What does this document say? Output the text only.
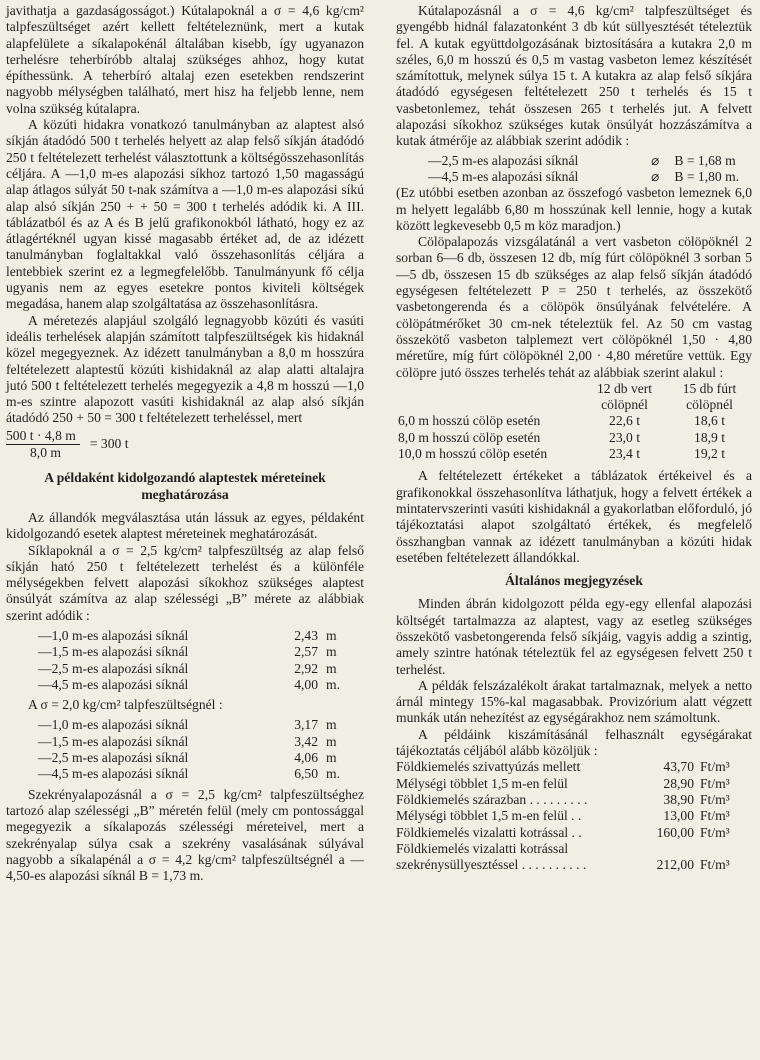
javithatja a gazdaságosságot.) Kútalapoknál a σ = 4,6 kg/cm² talpfeszültséget azért kellett feltételeznünk, mert a kutak alapfelülete a síkalapokénál általában kisebb, így ugyanazon terhelésre teherbíróbb altalaj szükséges ahhoz, hogy kutat építhessünk. A teherbíró altalaj ezen esetekben rendszerint nagyobb mélységben található, mert hisz ha feljebb lenne, nem volna szükség kútalapra.

A közúti hidakra vonatkozó tanulmányban az alaptest alsó síkján átadódó 500 t terhelés helyett az alap felső síkján átadódó 250 t feltételezett terhelést választottunk a költségösszehasonlítás céljára. A —1,0 m-es alapozási síkhoz tartozó 1,50 magasságú alap átlagos súlyát 50 t-nak számítva a —1,0 m-es alapozási síkú alap alsó síkján 250 + + 50 = 300 t terhelés adódik ki. A III. táblázatból és az A és B jelű grafikonokból látható, hogy ez az átlagértéknél ugyan kissé magasabb értéket ad, de az idézett tanulmányban foglaltakkal való összehasonlítás céljára a lentebbiek szerint ez a legmegfelelőbb. Tanulmányunk fő célja ugyanis nem az egyes esetekre pontos kiviteli költségek megadása, hanem alap szolgáltatása az összehasonlításra.

A méretezés alapjául szolgáló legnagyobb közúti és vasúti ideális terhelések alapján számított talpfeszültségek kis hidaknál közel megegyeznek. Az idézett tanulmányban a 8,0 m hosszúra feltételezett alaptestű közúti kishidaknál az alap alatti altalajra jutó 500 t feltételezett terhelés megegyezik a 4,8 m hosszú —1,0 m-es szintre alapozott vasúti kishidaknál az alap alsó síkján átadódó 250 + 50 = 300 t feltételezett terheléssel, mert

$\frac{500 t \cdot 4,8 m}{8,0 m} = 300$ t

A példaként kidolgozandó alaptestek méreteinek meghatározása

Az állandók megválasztása után lássuk az egyes, példaként kidolgozandó esetek alaptest méreteinek meghatározását.

Síklapoknál a σ = 2,5 kg/cm² talpfeszültség az alap felső síkján ható 250 t feltételezett terhelést és a különféle mélységekben felvett alapozási síkokhoz szükséges alaptest önsúlyát számítva az alap szélességi „B” mérete az alábbiak szerint adódik :

—1,0 m-es alapozási síknál	2,43 m
—1,5 m-es alapozási síknál	2,57 m
—2,5 m-es alapozási síknál	2,92 m
—4,5 m-es alapozási síknál	4,00 m.

A σ = 2,0 kg/cm² talpfeszültségnél :

—1,0 m-es alapozási síknál	3,17 m
—1,5 m-es alapozási síknál	3,42 m
—2,5 m-es alapozási síknál	4,06 m
—4,5 m-es alapozási síknál	6,50 m.

Szekrényalapozásnál a σ = 2,5 kg/cm² talpfeszültséghez tartozó alap szélességi „B” méretén felül (mely cm pontossággal megegyezik a síkalapozás szélességi méreteivel, mert a szekrényalap súlya csak a szekrény vasalásának súlyával nagyobb a síkalapénál a σ = 4,2 kg/cm² talpfeszültségnél a —4,50-es alapozási síknál B = 1,73 m.

Kútalapozásnál a σ = 4,6 kg/cm² talpfeszültséget és gyengébb hidnál falazatonként 3 db kút süllyesztését tételeztük fel. A kutak együttdolgozásának biztosítására a kutakra 2,0 m széles, 6,0 m hosszú és 0,5 m vastag vasbeton lemez készítését számítottuk, melynek súlya 15 t. A kutakra az alap felső síkjára átadódó egységesen feltételezett 250 t terhelés és 15 t vasbetonlemez, tehát összesen 265 t terhelés jut. A felvett alapozási síkokhoz szükséges kutak önsúlyát hozzászámítva a kutak átmérője az alábbiak szerint adódik :

—2,5 m-es alapozási síknál	⌀	B = 1,68 m
—4,5 m-es alapozási síknál	⌀	B = 1,80 m.

(Ez utóbbi esetben azonban az összefogó vasbeton lemeznek 6,0 m helyett legalább 6,80 m hosszúnak kell lennie, hogy a kutak között legkevesebb 0,5 m köz maradjon.)

Cölöpalapozás vizsgálatánál a vert vasbeton cölöpöknél 2 sorban 6—6 db, összesen 12 db, míg fúrt cölöpöknél 3 sorban 5—5 db, összesen 15 db szükséges az alap felső síkján átadódó egységesen feltételezett P = 250 t terhelés, az összekötő vasbetongerenda és a cölöpök önsúlyának felvételére. A cölöpátmérőket 30 cm-nek tételeztük fel. Az 50 cm vastag összekötő vasbeton talplemezt vert cölöpöknél 1,50 · 4,80 méretűre, míg fúrt cölöpöknél 2,00 · 4,80 méretűre vettük. Egy cölöpre jutó összes terhelés tehát az alábbiak szerint alakul :

	12 db vert cölöpnél	15 db fúrt cölöpnél
6,0 m hosszú cölöp esetén	22,6 t	18,6 t
8,0 m hosszú cölöp esetén	23,0 t	18,9 t
10,0 m hosszú cölöp esetén	23,4 t	19,2 t

A feltételezett értékeket a táblázatok értékeivel és a grafikonokkal összehasonlítva láthatjuk, hogy a felvett értékek a mintatervszerinti vasúti kishidaknál a gyakorlatban előforduló, jó tájékoztatási alapot szolgáltató értékek, és megfelelő összhangban vannak az idézett tanulmányban a közúti hidak esetében feltételezett állandókkal.

Általános megjegyzések

Minden ábrán kidolgozott példa egy-egy ellenfal alapozási költségét tartalmazza az alaptest, vagy az esetleg szükséges összekötő vasbetongerenda felső síkjáig, vagyis addig a szintig, amely szintre hatónak tételeztük fel az egységesen felvett 250 t terhelést.

A példák felszázalékolt árakat tartalmaznak, melyek a netto árnál mintegy 15%-kal magasabbak. Provizórium alatt végzett munkák után nehezítést az egységárakhoz nem számoltunk.

A példáink kiszámításánál felhasznált egységárakat tájékoztatás céljából alább közöljük :

Földkiemelés szivattyúzás mellett	43,70	Ft/m³
Mélységi többlet 1,5 m-en felül	28,90	Ft/m³
Földkiemelés szárazban . . . . . . . . .	38,90	Ft/m³
Mélységi többlet 1,5 m-en felül . .	13,00	Ft/m³
Földkiemelés vizalatti kotrással . .	160,00	Ft/m³
Földkiemelés vizalatti kotrással szekrénysüllyesztéssel . . . . . . . . . .	212,00	Ft/m³
